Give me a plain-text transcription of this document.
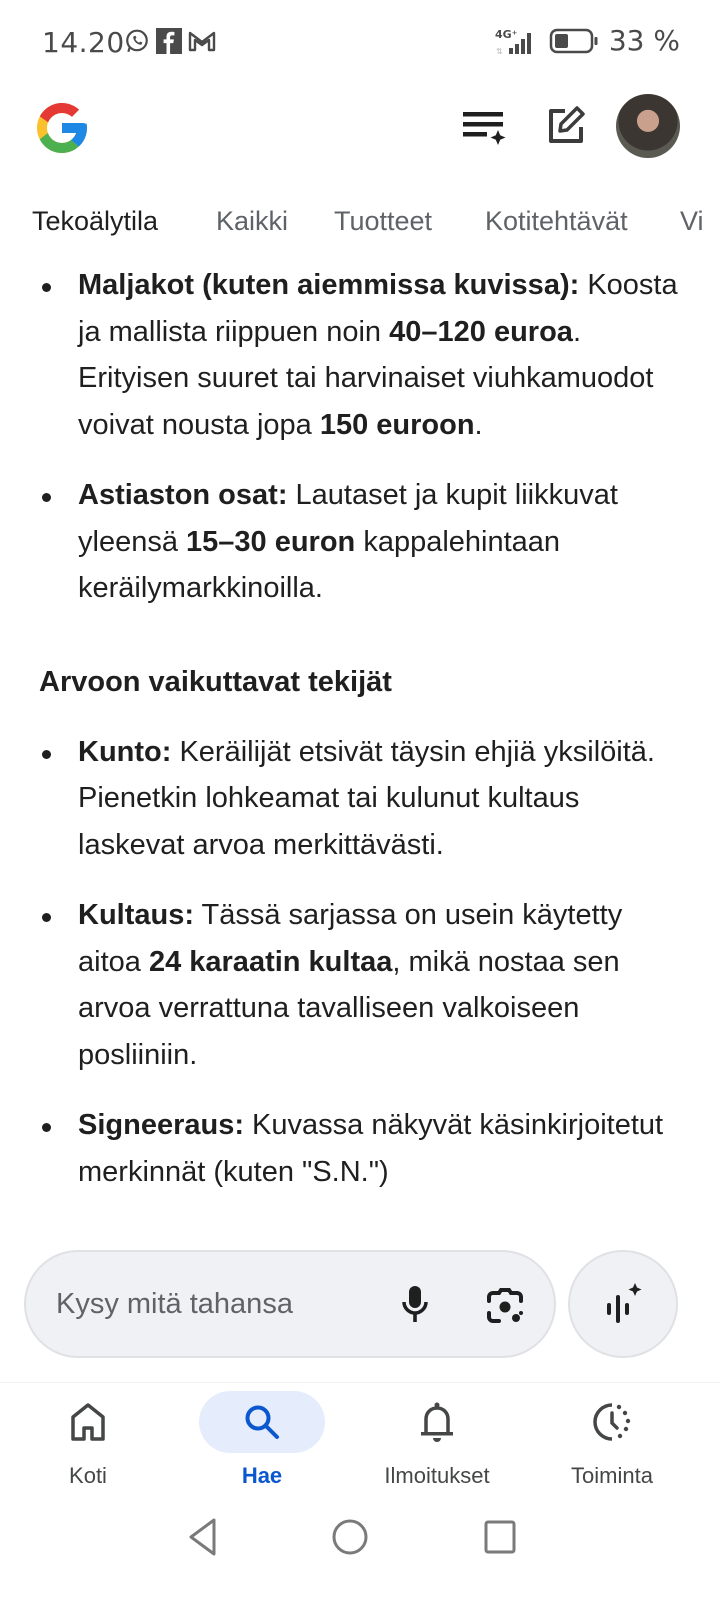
14.20	4G⁺
⇅	33 %
Tekoälytila Kaikki Tuotteet Kotitehtävät Vi
Maljakot (kuten aiemmissa kuvissa): Koosta ja mallista riippuen noin 40–120 euroa. Erityisen suuret tai harvinaiset viuhkamuodot voivat nousta jopa 150 euroon.
Astiaston osat: Lautaset ja kupit liikkuvat yleensä 15–30 euron kappalehintaan keräilymarkkinoilla.
Arvoon vaikuttavat tekijät
Kunto: Keräilijät etsivät täysin ehjiä yksilöitä. Pienetkin lohkeamat tai kulunut kultaus laskevat arvoa merkittävästi.
Kultaus: Tässä sarjassa on usein käytetty aitoa 24 karaatin kultaa, mikä nostaa sen arvoa verrattuna tavalliseen valkoiseen posliiniin.
Signeeraus: Kuvassa näkyvät käsinkirjoitetut merkinnät (kuten "S.N.")
Kysy mitä tahansa
Koti	Hae	Ilmoitukset	Toiminta
